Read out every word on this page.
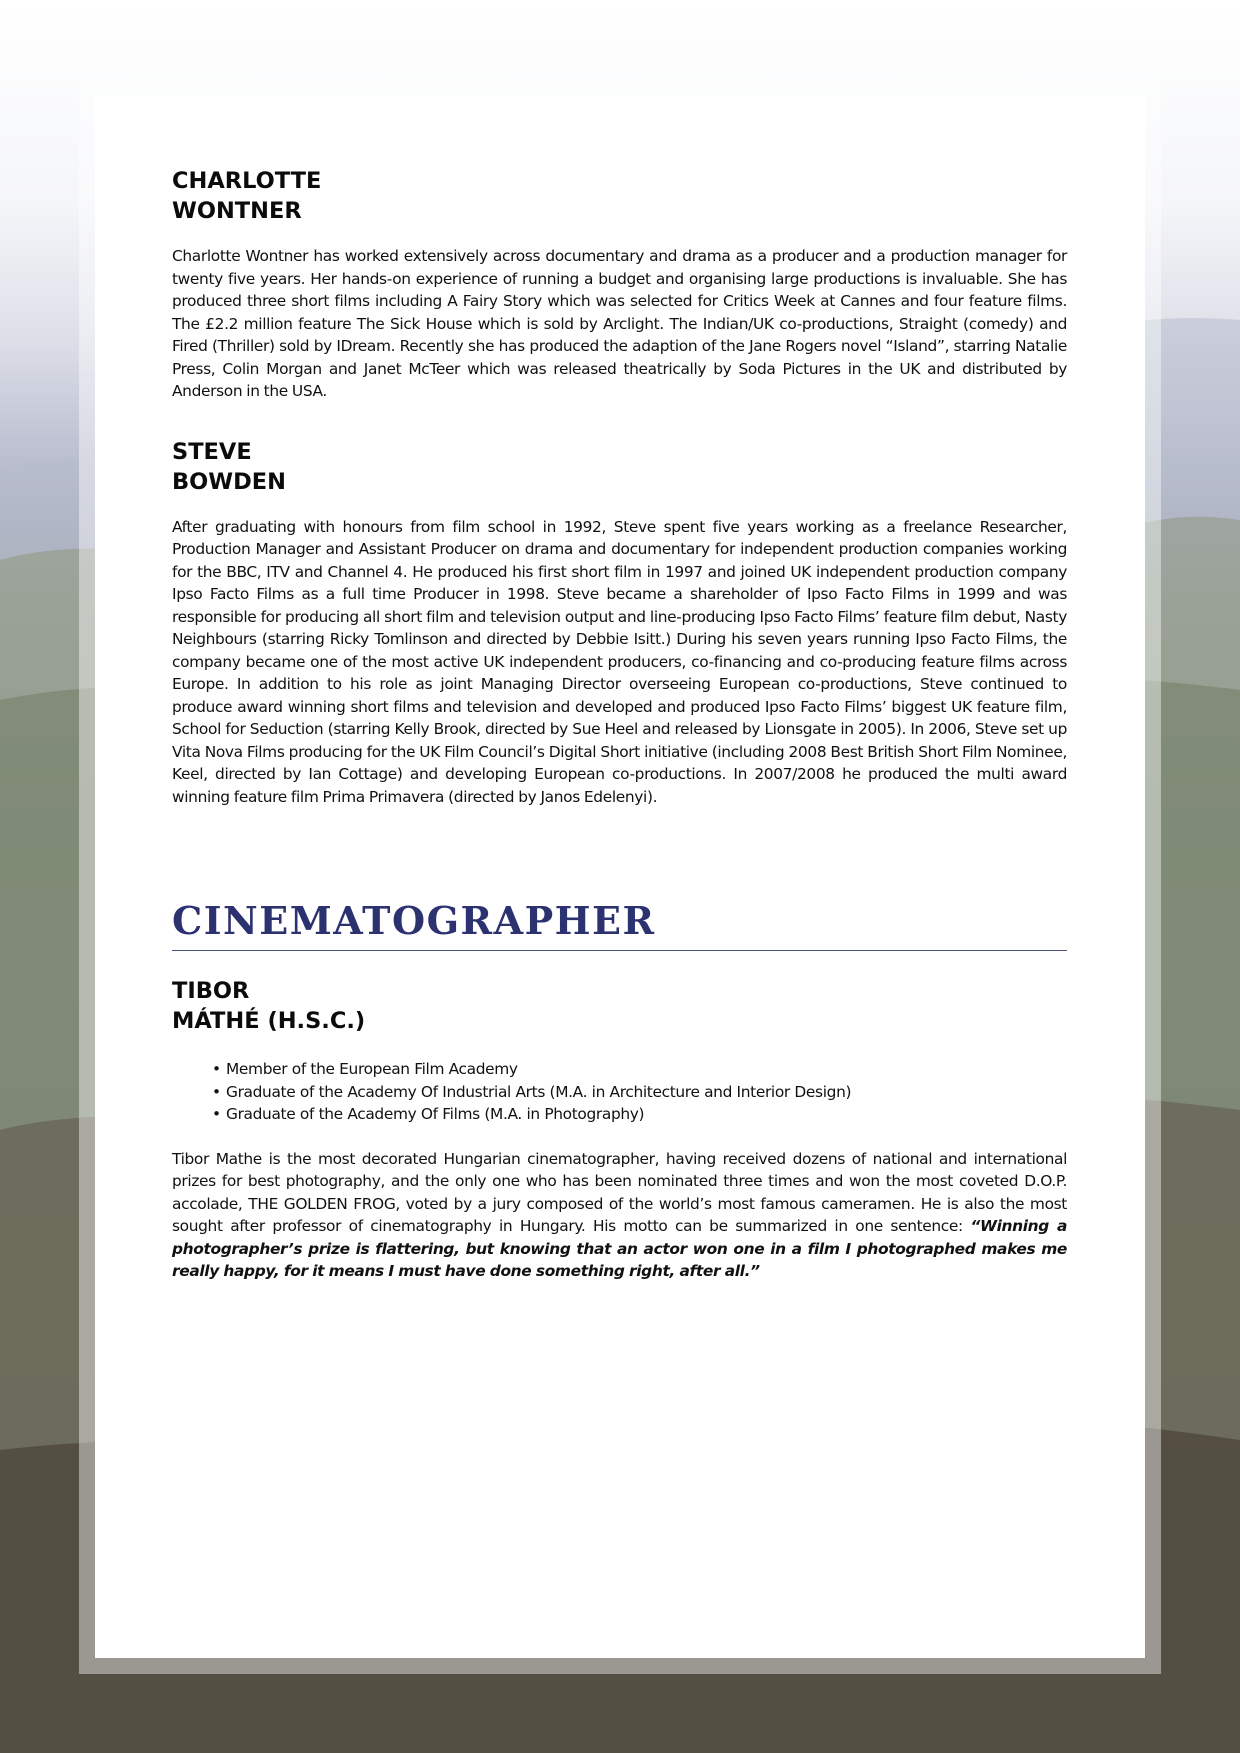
CHARLOTTE
WONTNER

Charlotte Wontner has worked extensively across documentary and drama as a producer and a production manager for twenty five years. Her hands-on experience of running a budget and organising large productions is invaluable. She has produced three short films including A Fairy Story which was selected for Critics Week at Cannes and four feature films. The £2.2 million feature The Sick House which is sold by Arclight. The Indian/UK co-productions, Straight (comedy) and Fired (Thriller) sold by IDream. Recently she has produced the adaption of the Jane Rogers novel “Island”, starring Natalie Press, Colin Morgan and Janet McTeer which was released theatrically by Soda Pictures in the UK and distributed by Anderson in the USA.

STEVE
BOWDEN

After graduating with honours from film school in 1992, Steve spent five years working as a freelance Researcher, Production Manager and Assistant Producer on drama and documentary for independent production companies working for the BBC, ITV and Channel 4. He produced his first short film in 1997 and joined UK independent production company Ipso Facto Films as a full time Producer in 1998. Steve became a shareholder of Ipso Facto Films in 1999 and was responsible for producing all short film and television output and line-producing Ipso Facto Films’ feature film debut, Nasty Neighbours (starring Ricky Tomlinson and directed by Debbie Isitt.) During his seven years running Ipso Facto Films, the company became one of the most active UK independent producers, co-financing and co-producing feature films across Europe. In addition to his role as joint Managing Director overseeing European co-productions, Steve continued to produce award winning short films and television and developed and produced Ipso Facto Films’ biggest UK feature film, School for Seduction (starring Kelly Brook, directed by Sue Heel and released by Lionsgate in 2005). In 2006, Steve set up Vita Nova Films producing for the UK Film Council’s Digital Short initiative (including 2008 Best British Short Film Nominee, Keel, directed by Ian Cottage) and developing European co-productions. In 2007/2008 he produced the multi award winning feature film Prima Primavera (directed by Janos Edelenyi).

CINEMATOGRAPHER
TIBOR
MÁTHÉ (H.S.C.)
• Member of the European Film Academy
• Graduate of the Academy Of Industrial Arts (M.A. in Architecture and Interior Design)
• Graduate of the Academy Of Films (M.A. in Photography)

Tibor Mathe is the most decorated Hungarian cinematographer, having received dozens of national and international prizes for best photography, and the only one who has been nominated three times and won the most coveted D.O.P. accolade, THE GOLDEN FROG, voted by a jury composed of the world’s most famous cameramen. He is also the most sought after professor of cinematography in Hungary. His motto can be summarized in one sentence: “Winning a photographer’s prize is flattering, but knowing that an actor won one in a film I photographed makes me really happy, for it means I must have done something right, after all.”
